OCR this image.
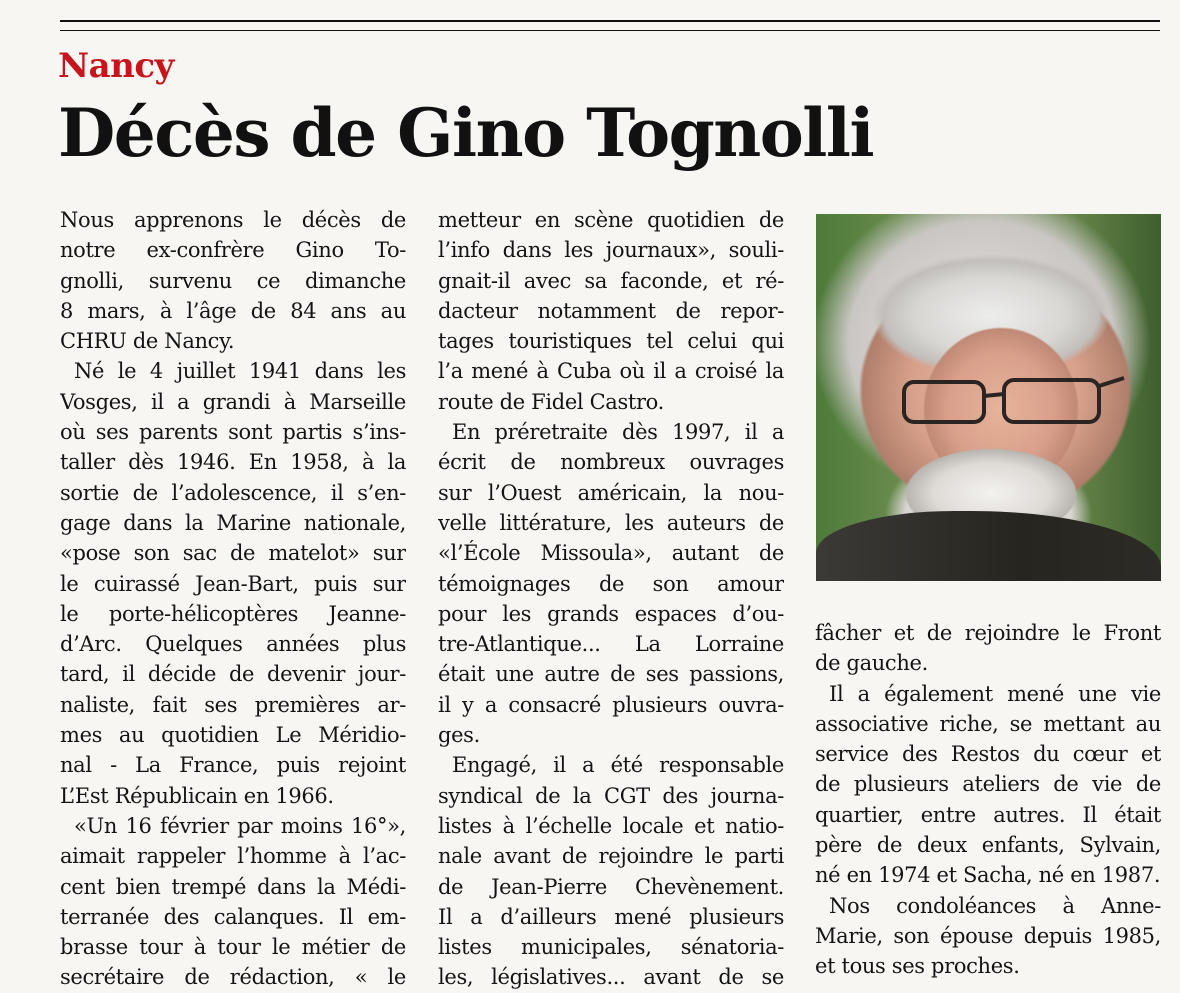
Nancy
Décès de Gino Tognolli
Nous apprenons le décès de
notre ex-confrère Gino To-
gnolli, survenu ce dimanche
8 mars, à l’âge de 84 ans au
CHRU de Nancy.
Né le 4 juillet 1941 dans les
Vosges, il a grandi à Marseille
où ses parents sont partis s’ins-
taller dès 1946. En 1958, à la
sortie de l’adolescence, il s’en-
gage dans la Marine nationale,
«pose son sac de matelot» sur
le cuirassé Jean-Bart, puis sur
le porte-hélicoptères Jeanne-
d’Arc. Quelques années plus
tard, il décide de devenir jour-
naliste, fait ses premières ar-
mes au quotidien Le Méridio-
nal - La France, puis rejoint
L’Est Républicain en 1966.
«Un 16 février par moins 16°»,
aimait rappeler l’homme à l’ac-
cent bien trempé dans la Médi-
terranée des calanques. Il em-
brasse tour à tour le métier de
secrétaire de rédaction, « le
metteur en scène quotidien de
l’info dans les journaux», souli-
gnait-il avec sa faconde, et ré-
dacteur notamment de repor-
tages touristiques tel celui qui
l’a mené à Cuba où il a croisé la
route de Fidel Castro.
En préretraite dès 1997, il a
écrit de nombreux ouvrages
sur l’Ouest américain, la nou-
velle littérature, les auteurs de
«l’École Missoula», autant de
témoignages de son amour
pour les grands espaces d’ou-
tre-Atlantique... La Lorraine
était une autre de ses passions,
il y a consacré plusieurs ouvra-
ges.
Engagé, il a été responsable
syndical de la CGT des journa-
listes à l’échelle locale et natio-
nale avant de rejoindre le parti
de Jean-Pierre Chevènement.
Il a d’ailleurs mené plusieurs
listes municipales, sénatoria-
les, législatives... avant de se
fâcher et de rejoindre le Front
de gauche.
Il a également mené une vie
associative riche, se mettant au
service des Restos du cœur et
de plusieurs ateliers de vie de
quartier, entre autres. Il était
père de deux enfants, Sylvain,
né en 1974 et Sacha, né en 1987.
Nos condoléances à Anne-
Marie, son épouse depuis 1985,
et tous ses proches.
